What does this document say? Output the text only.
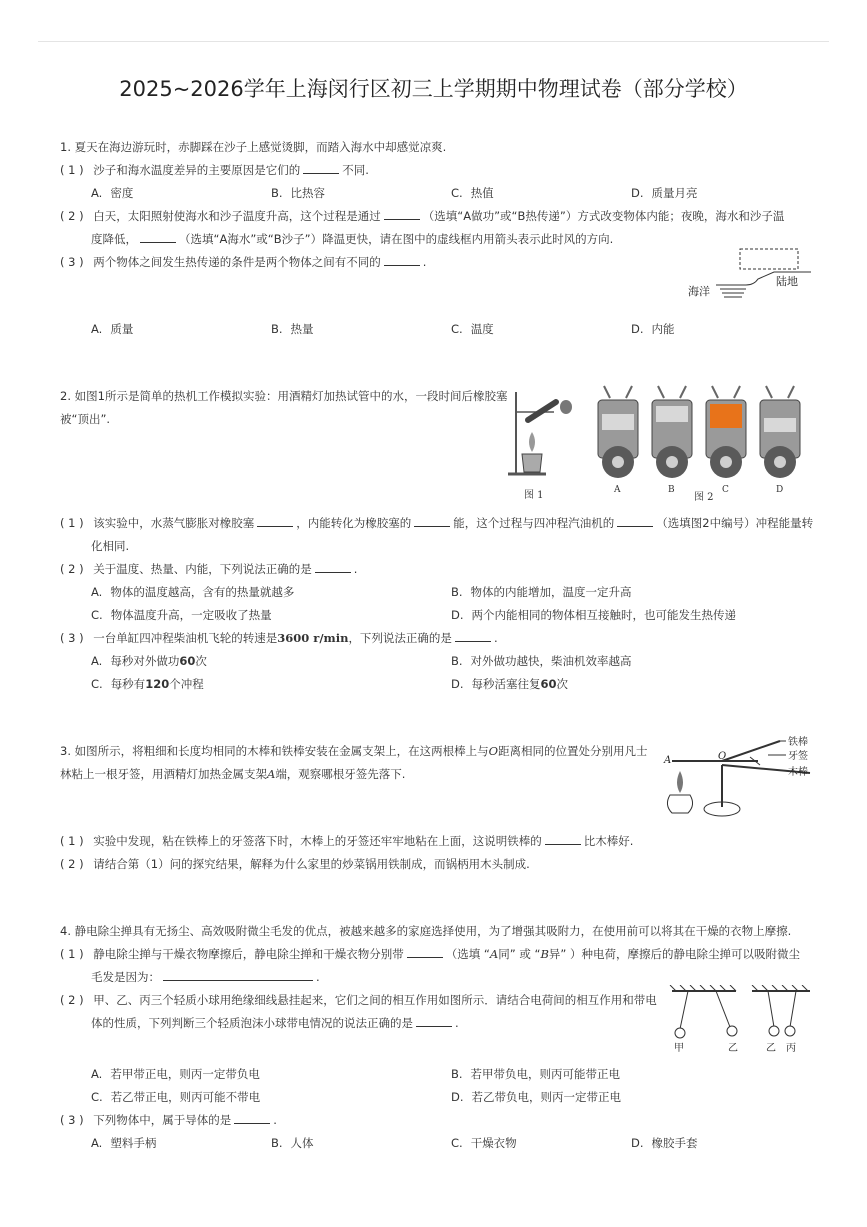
2025~2026学年上海闵行区初三上学期期中物理试卷（部分学校）
1. 夏天在海边游玩时，赤脚踩在沙子上感觉烫脚，而踏入海水中却感觉凉爽.
( 1 ) 沙子和海水温度差异的主要原因是它们的	不同.
A. 密度	B. 比热容	C. 热值	D. 质量月亮
( 2 ) 白天，太阳照射使海水和沙子温度升高，这个过程是通过	（选填“A做功”或“B热传递”）方式改变物体内能；夜晚，海水和沙子温
度降低，	（选填“A海水”或“B沙子”）降温更快，请在图中的虚线框内用箭头表示此时风的方向.
( 3 ) 两个物体之间发生热传递的条件是两个物体之间有不同的	.
海洋
陆地
A. 质量	B. 热量	C. 温度	D. 内能
2. 如图1所示是简单的热机工作模拟实验：用酒精灯加热试管中的水，一段时间后橡胶塞
被“顶出”.
图 1	A	B	C	D
图 2
( 1 ) 该实验中，水蒸气膨胀对橡胶塞	，内能转化为橡胶塞的	能，这个过程与四冲程汽油机的	（选填图2中编号）冲程能量转
化相同.
( 2 ) 关于温度、热量、内能，下列说法正确的是	.
A. 物体的温度越高，含有的热量就越多	B. 物体的内能增加，温度一定升高
C. 物体温度升高，一定吸收了热量	D. 两个内能相同的物体相互接触时，也可能发生热传递
( 3 ) 一台单缸四冲程柴油机飞轮的转速是3600 r/min，下列说法正确的是	.
A. 每秒对外做功60次	B. 对外做功越快，柴油机效率越高
C. 每秒有120个冲程	D. 每秒活塞往复60次
3. 如图所示，将粗细和长度均相同的木棒和铁棒安装在金属支架上，在这两根棒上与O距离相同的位置处分别用凡士
林粘上一根牙签，用酒精灯加热金属支架A端，观察哪根牙签先落下.
铁棒
牙签
木棒
A	O
( 1 ) 实验中发现，粘在铁棒上的牙签落下时，木棒上的牙签还牢牢地粘在上面，这说明铁棒的	比木棒好.
( 2 ) 请结合第（1）问的探究结果，解释为什么家里的炒菜锅用铁制成，而锅柄用木头制成.
4. 静电除尘掸具有无扬尘、高效吸附微尘毛发的优点，被越来越多的家庭选择使用，为了增强其吸附力，在使用前可以将其在干燥的衣物上摩擦.
( 1 ) 静电除尘掸与干燥衣物摩擦后，静电除尘掸和干燥衣物分别带	（选填 “A同” 或 “B异” ）种电荷，摩擦后的静电除尘掸可以吸附微尘
毛发是因为：	.
( 2 ) 甲、乙、丙三个轻质小球用绝缘细线悬挂起来，它们之间的相互作用如图所示．请结合电荷间的相互作用和带电
体的性质，下列判断三个轻质泡沫小球带电情况的说法正确的是	.
甲	乙	乙 丙
A. 若甲带正电，则丙一定带负电	B. 若甲带负电，则丙可能带正电
C. 若乙带正电，则丙可能不带电	D. 若乙带负电，则丙一定带正电
( 3 ) 下列物体中，属于导体的是	.
A. 塑料手柄	B. 人体	C. 干燥衣物	D. 橡胶手套
